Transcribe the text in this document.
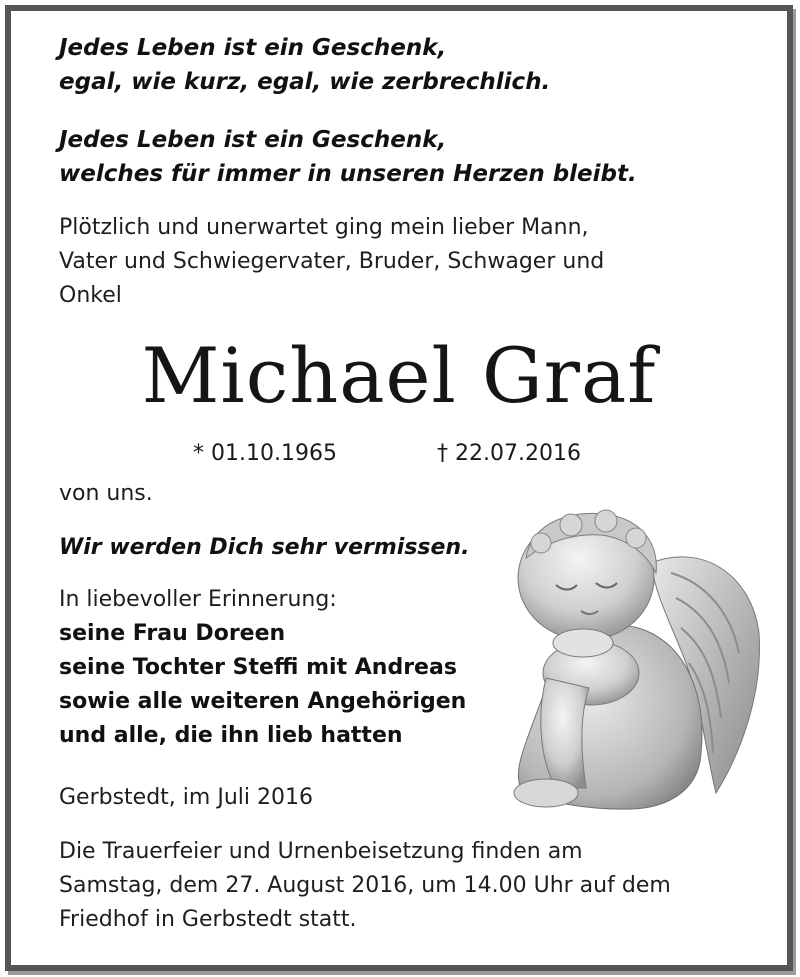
Jedes Leben ist ein Geschenk,
egal, wie kurz, egal, wie zerbrechlich.
Jedes Leben ist ein Geschenk,
welches für immer in unseren Herzen bleibt.
Plötzlich und unerwartet ging mein lieber Mann,
Vater und Schwiegervater, Bruder, Schwager und
Onkel
Michael Graf
* 01.10.1965	† 22.07.2016
von uns.
Wir werden Dich sehr vermissen.
In liebevoller Erinnerung:
seine Frau Doreen
seine Tochter Steffi mit Andreas
sowie alle weiteren Angehörigen
und alle, die ihn lieb hatten
Gerbstedt, im Juli 2016
Die Trauerfeier und Urnenbeisetzung finden am
Samstag, dem 27. August 2016, um 14.00 Uhr auf dem
Friedhof in Gerbstedt statt.
